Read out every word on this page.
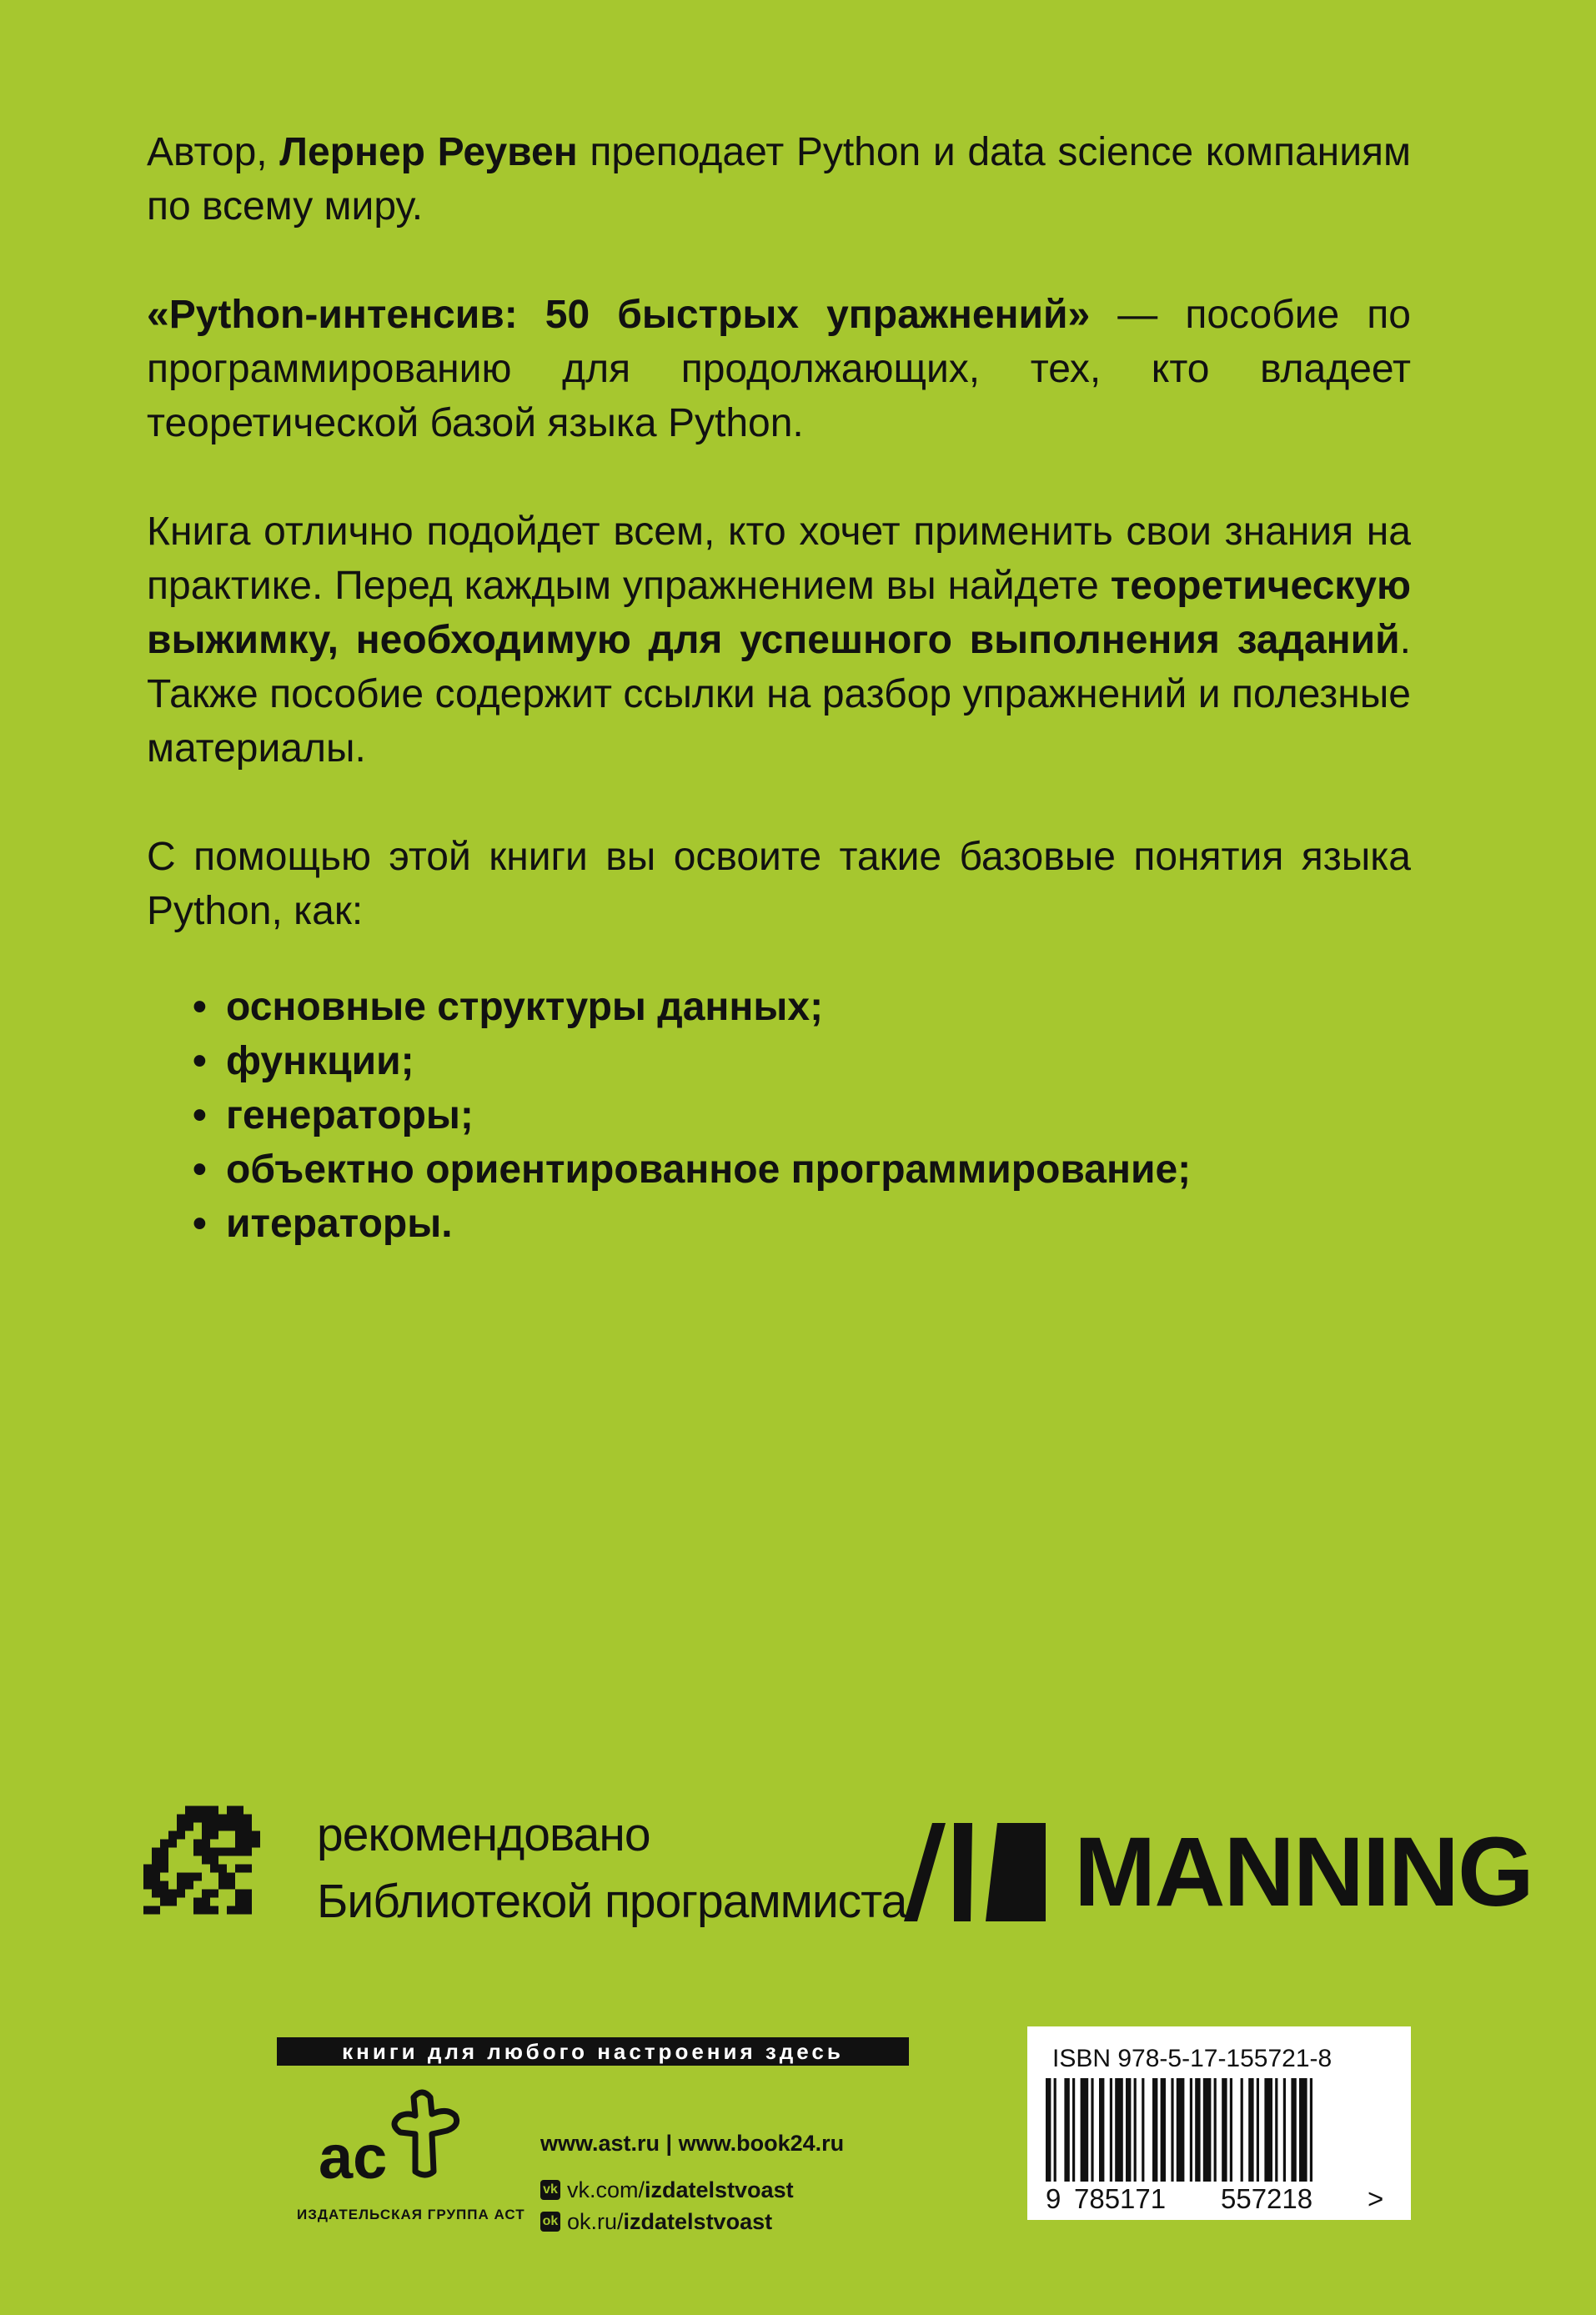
Автор, Лернер Реувен преподает Python и data science компаниям по всему миру.

«Python-интенсив: 50 быстрых упражнений» — пособие по программированию для продолжающих, тех, кто владеет теоретической базой языка Python.

Книга отлично подойдет всем, кто хочет применить свои знания на практике. Перед каждым упражнением вы найдете теоретическую выжимку, необходимую для успешного выполнения заданий. Также пособие содержит ссылки на разбор упражнений и полезные материалы.

С помощью этой книги вы освоите такие базовые понятия языка Python, как:

• основные структуры данных;
• функции;
• генераторы;
• объектно ориентированное программирование;
• итераторы.
рекомендовано
Библиотекой программиста MANNING
книги для любого настроения здесь
ac
ИЗДАТЕЛЬСКАЯ ГРУППА АСТ
www.ast.ru | www.book24.ru
vk vk.com/ izdatelstvoast
ok ok.ru/ izdatelstvoast
ISBN 978-5-17-155721-8
9 785171	557218	>
